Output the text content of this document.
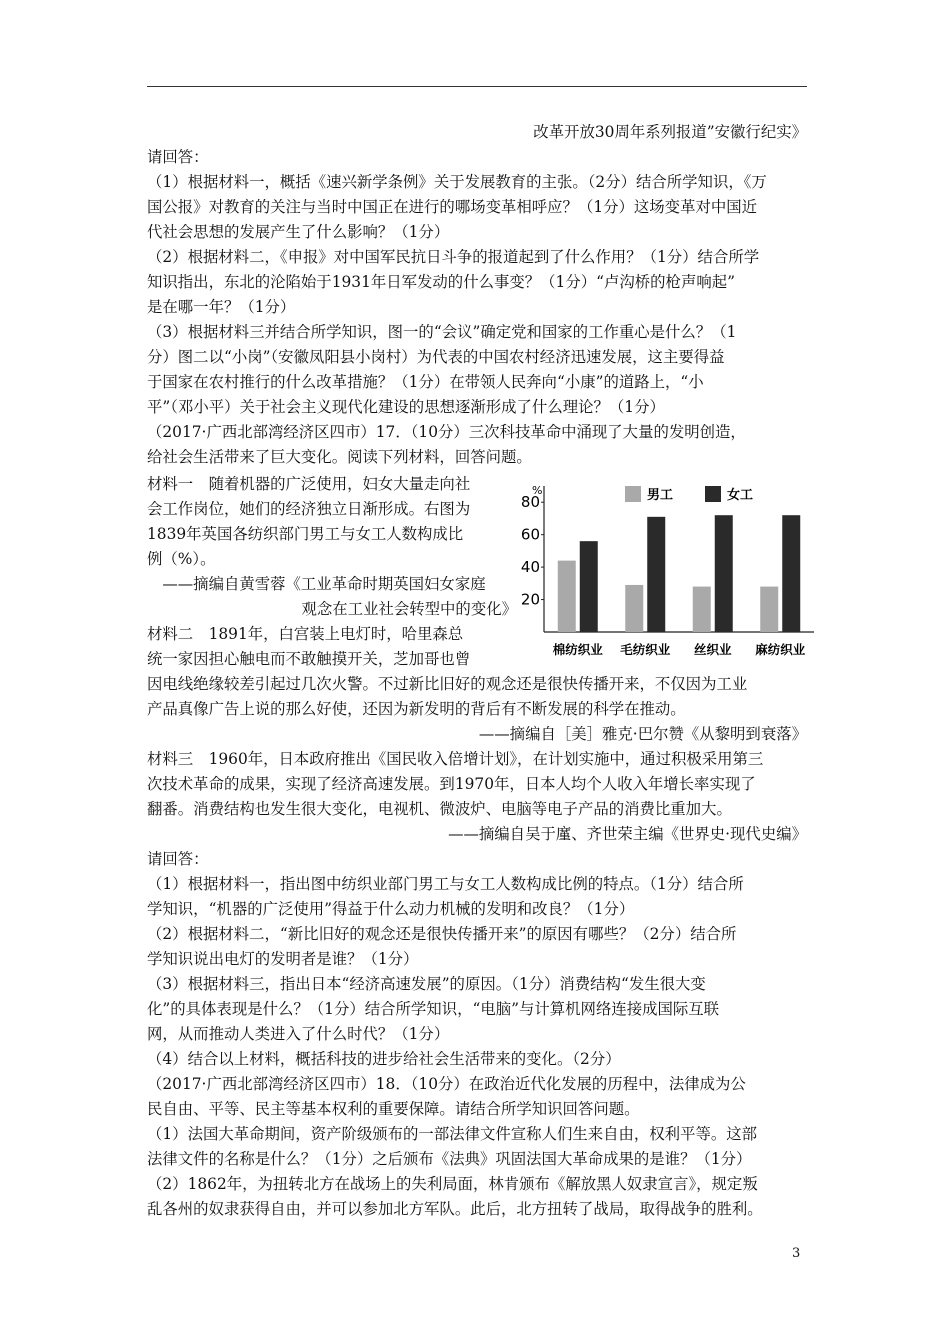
改革开放30周年系列报道”安徽行纪实》
请回答：
（1）根据材料一，概括《速兴新学条例》关于发展教育的主张。（2分）结合所学知识，《万
国公报》对教育的关注与当时中国正在进行的哪场变革相呼应？（1分）这场变革对中国近
代社会思想的发展产生了什么影响？（1分）
（2）根据材料二，《申报》对中国军民抗日斗争的报道起到了什么作用？（1分）结合所学
知识指出，东北的沦陷始于1931年日军发动的什么事变？（1分）“卢沟桥的枪声响起”
是在哪一年？（1分）
（3）根据材料三并结合所学知识，图一的“会议”确定党和国家的工作重心是什么？（1
分）图二以“小岗”（安徽凤阳县小岗村）为代表的中国农村经济迅速发展，这主要得益
于国家在农村推行的什么改革措施？（1分）在带领人民奔向“小康”的道路上，“小
平”（邓小平）关于社会主义现代化建设的思想逐渐形成了什么理论？（1分）
（2017·广西北部湾经济区四市）17．（10分）三次科技革命中涌现了大量的发明创造，
给社会生活带来了巨大变化。阅读下列材料，回答问题。
材料一　随着机器的广泛使用，妇女大量走向社
会工作岗位，她们的经济独立日渐形成。右图为
1839年英国各纺织部门男工与女工人数构成比
例（%）。
　——摘编自黄雪蓉《工业革命时期英国妇女家庭
观念在工业社会转型中的变化》
材料二　1891年，白宫装上电灯时，哈里森总
统一家因担心触电而不敢触摸开关，芝加哥也曾
%
20
40
60
80
棉纺织业 毛纺织业 丝织业 麻纺织业
男工	女工
因电线绝缘较差引起过几次火警。不过新比旧好的观念还是很快传播开来，不仅因为工业
产品真像广告上说的那么好使，还因为新发明的背后有不断发展的科学在推动。
——摘编自［美］雅克·巴尔赞《从黎明到衰落》
材料三　1960年，日本政府推出《国民收入倍增计划》，在计划实施中，通过积极采用第三
次技术革命的成果，实现了经济高速发展。到1970年，日本人均个人收入年增长率实现了
翻番。消费结构也发生很大变化，电视机、微波炉、电脑等电子产品的消费比重加大。
——摘编自吴于廑、齐世荣主编《世界史·现代史编》
请回答：
（1）根据材料一，指出图中纺织业部门男工与女工人数构成比例的特点。（1分）结合所
学知识，“机器的广泛使用”得益于什么动力机械的发明和改良？（1分）
（2）根据材料二，“新比旧好的观念还是很快传播开来”的原因有哪些？（2分）结合所
学知识说出电灯的发明者是谁？（1分）
（3）根据材料三，指出日本“经济高速发展”的原因。（1分）消费结构“发生很大变
化”的具体表现是什么？（1分）结合所学知识，“电脑”与计算机网络连接成国际互联
网，从而推动人类进入了什么时代？（1分）
（4）结合以上材料，概括科技的进步给社会生活带来的变化。（2分）
（2017·广西北部湾经济区四市）18．（10分）在政治近代化发展的历程中，法律成为公
民自由、平等、民主等基本权利的重要保障。请结合所学知识回答问题。
（1）法国大革命期间，资产阶级颁布的一部法律文件宣称人们生来自由，权利平等。这部
法律文件的名称是什么？（1分）之后颁布《法典》巩固法国大革命成果的是谁？（1分）
（2）1862年，为扭转北方在战场上的失利局面，林肯颁布《解放黑人奴隶宣言》，规定叛
乱各州的奴隶获得自由，并可以参加北方军队。此后，北方扭转了战局，取得战争的胜利。
3
